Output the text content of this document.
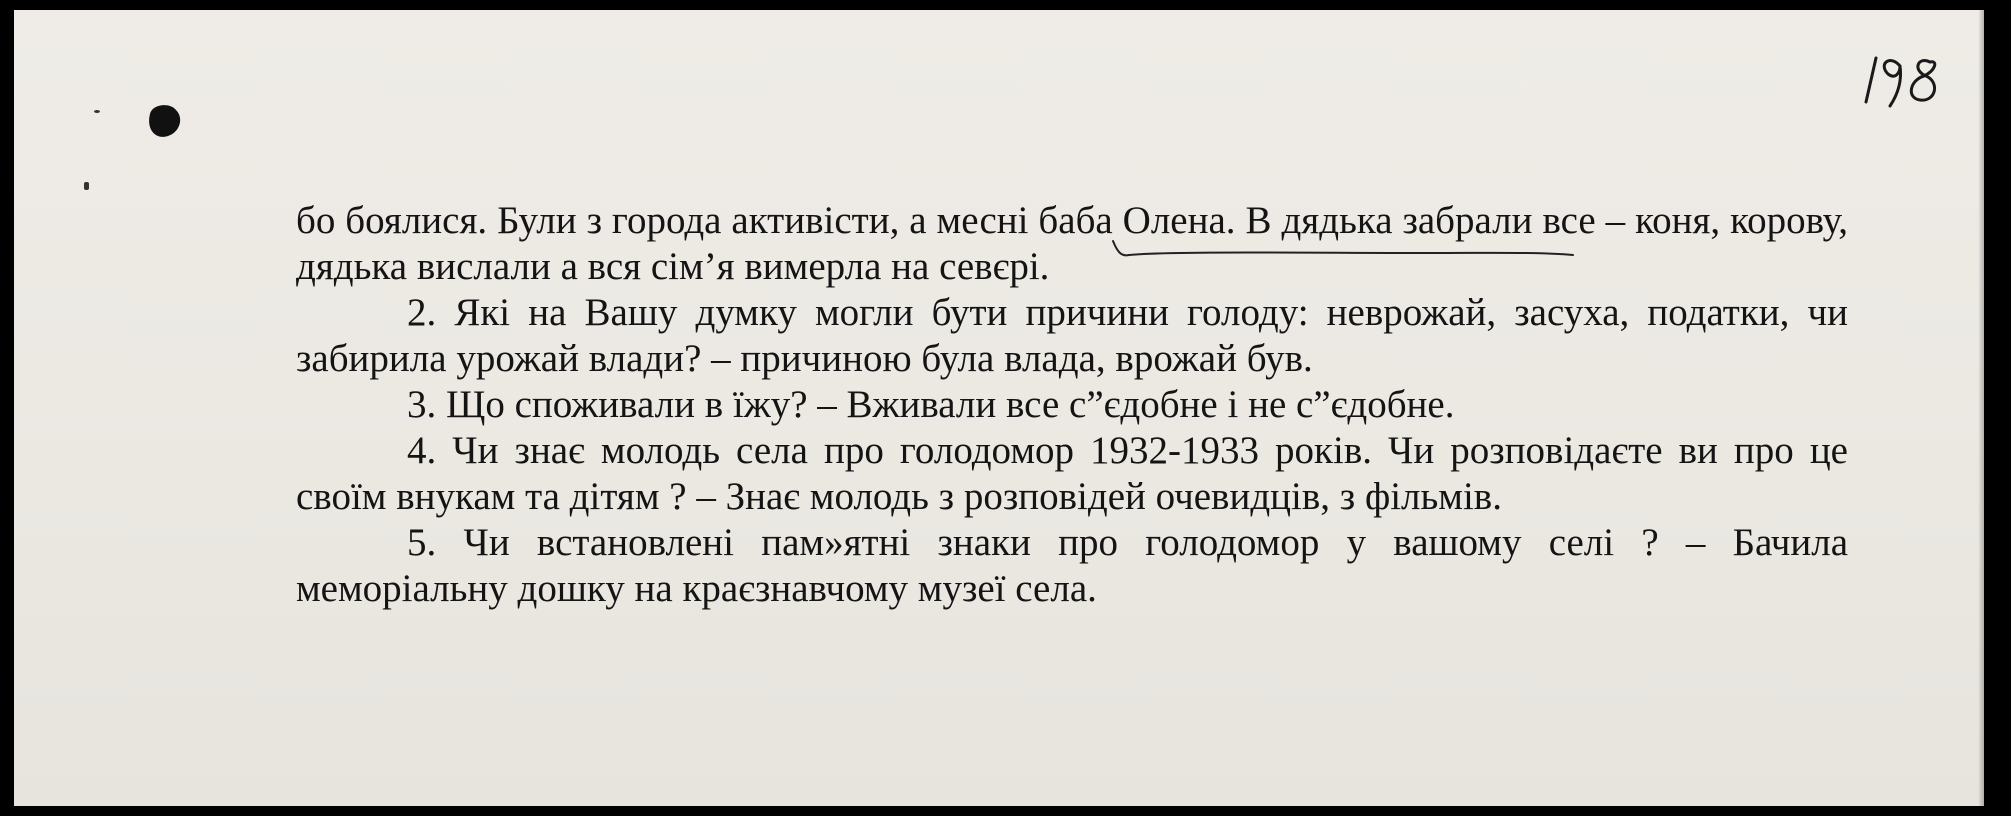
бо боялися. Були з города активісти, а месні баба Олена. В дядька забрали все – коня, корову, дядька вислали а вся сім’я вимерла на севєрі.

2. Які на Вашу думку могли бути причини голоду: неврожай, засуха, податки, чи забирила урожай влади? – причиною була влада, врожай був.

3. Що споживали в їжу? – Вживали все с”єдобне і не с”єдобне.

4. Чи знає молодь села про голодомор 1932-1933 років. Чи розповідаєте ви про це своїм внукам та дітям ? – Знає молодь з розповідей очевидців, з фільмів.

5. Чи встановлені пам»ятні знаки про голодомор у вашому селі ? – Бачила меморіальну дошку на краєзнавчому музеї села.
